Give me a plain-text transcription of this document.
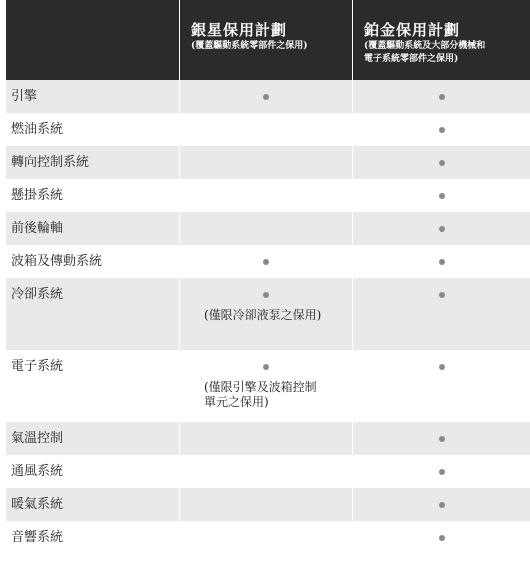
銀星保用計劃
(覆蓋驅動系統零部件之保用)
鉑金保用計劃
(覆蓋驅動系統及大部分機械和
電子系統零部件之保用)
引擎
燃油系統
轉向控制系統
懸掛系統
前後輪軸
波箱及傳動系統
冷卻系統
(僅限冷卻液泵之保用)
電子系統
(僅限引擎及波箱控制
單元之保用)
氣溫控制
通風系統
暖氣系統
音響系統
